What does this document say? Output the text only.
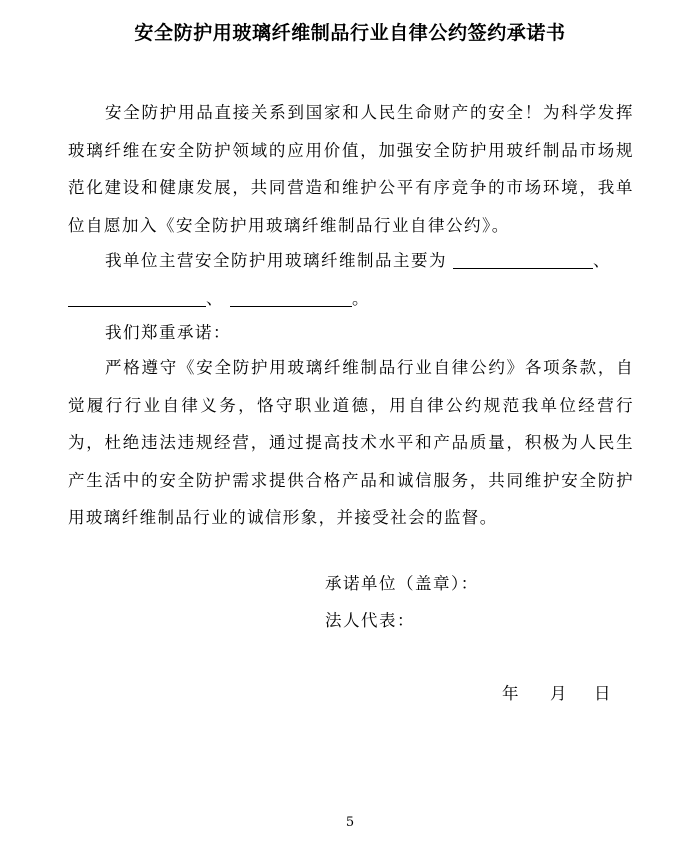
安全防护用玻璃纤维制品行业自律公约签约承诺书
安全防护用品直接关系到国家和人民生命财产的安全！为科学发挥玻璃纤维在安全防护领域的应用价值，加强安全防护用玻纤制品市场规范化建设和健康发展，共同营造和维护公平有序竞争的市场环境，我单位自愿加入《安全防护用玻璃纤维制品行业自律公约》。
我单位主营安全防护用玻璃纤维制品主要为	、
、	。
我们郑重承诺：
严格遵守《安全防护用玻璃纤维制品行业自律公约》各项条款，自觉履行行业自律义务，恪守职业道德，用自律公约规范我单位经营行为，杜绝违法违规经营，通过提高技术水平和产品质量，积极为人民生产生活中的安全防护需求提供合格产品和诚信服务，共同维护安全防护用玻璃纤维制品行业的诚信形象，并接受社会的监督。
承诺单位（盖章）：
法人代表：
年 月 日
5
